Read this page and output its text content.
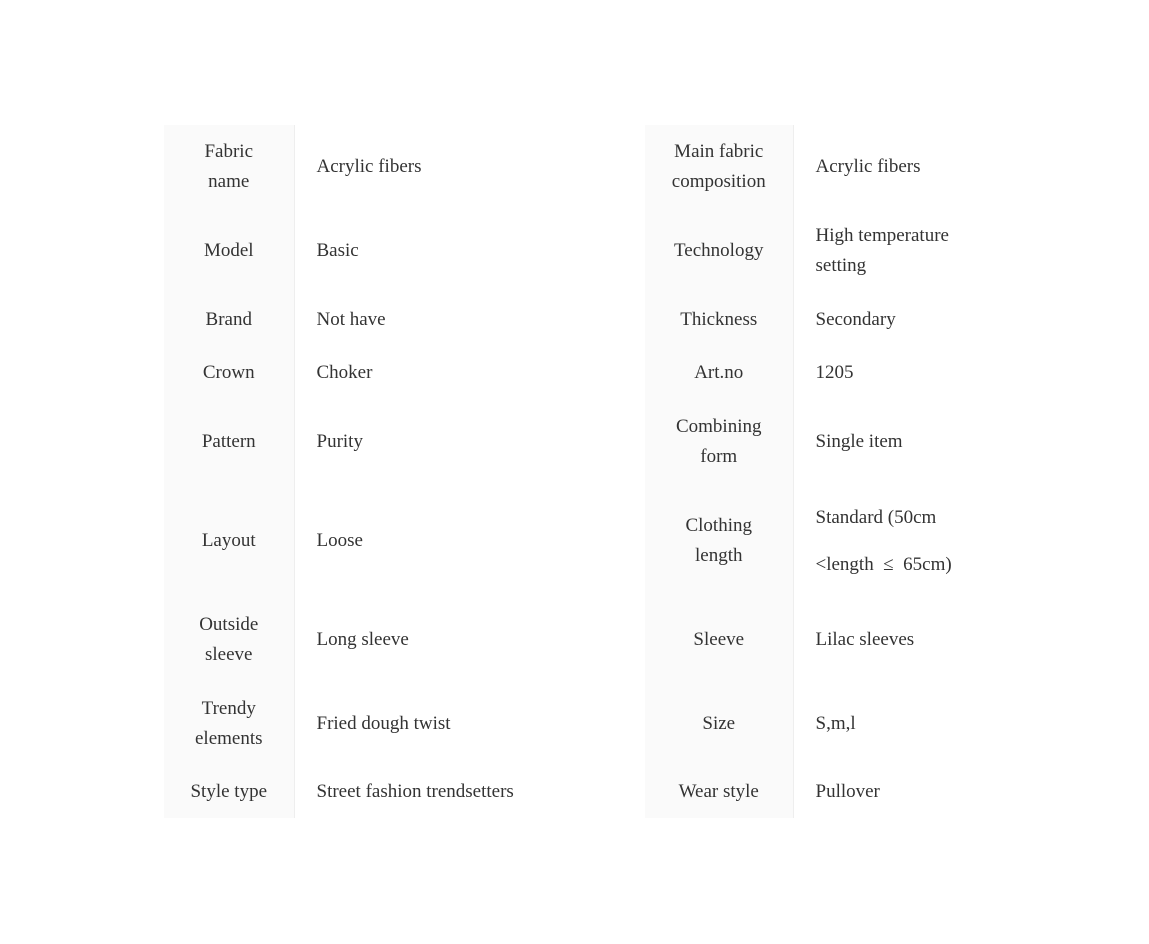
Fabric name	Acrylic fibers	Main fabric composition	Acrylic fibers
Model	Basic	Technology	High temperature setting
Brand	Not have	Thickness	Secondary
Crown	Choker	Art.no	1205
Pattern	Purity	Combining form	Single item
Layout	Loose	Clothing length	Standard (50cm
<length  ≤  65cm)

Outside sleeve	Long sleeve	Sleeve	Lilac sleeves
Trendy elements	Fried dough twist	Size	S,m,l
Style type	Street fashion trendsetters	Wear style	Pullover
